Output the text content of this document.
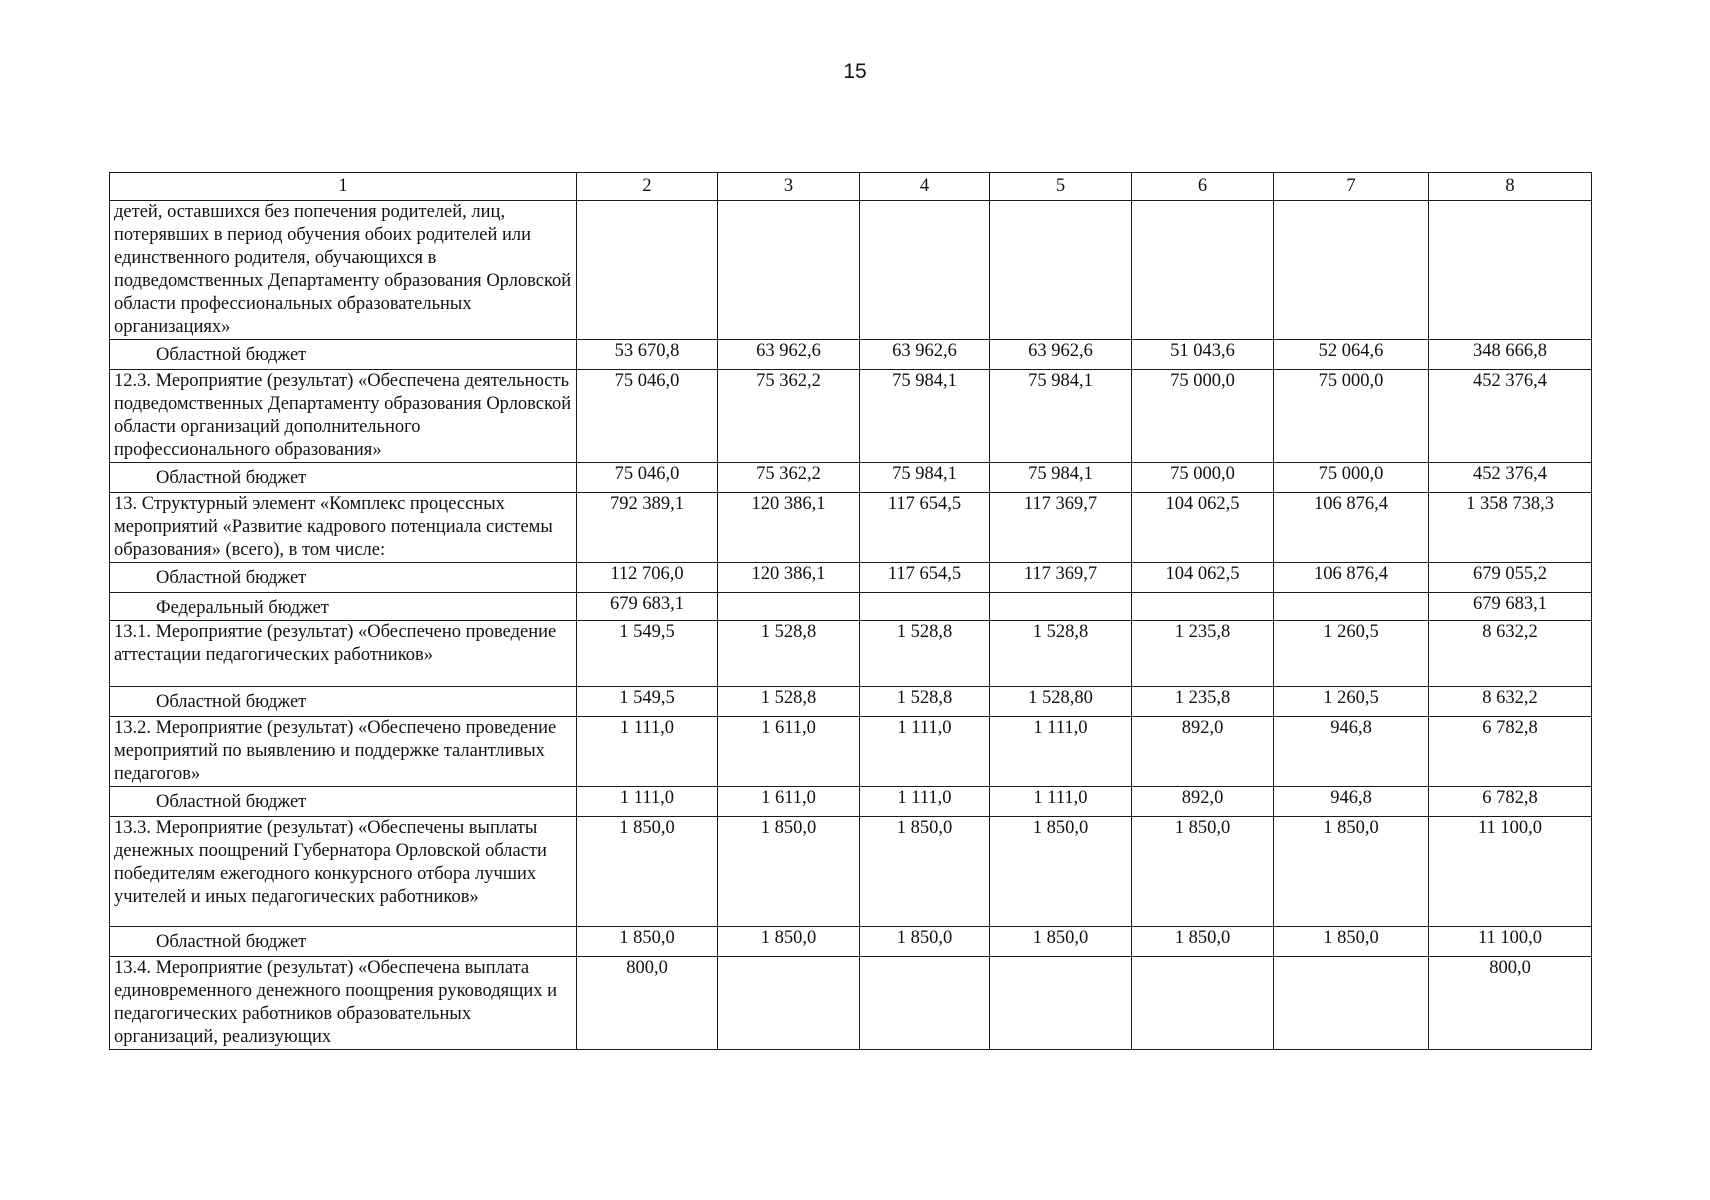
15
1	2	3	4	5	6	7	8
детей, оставшихся без попечения родителей, лиц, потерявших в период обучения обоих родителей или единственного родителя, обучающихся в подведомственных Департаменту образования Орловской области профессиональных образовательных организациях»							
Областной бюджет	53 670,8	63 962,6	63 962,6	63 962,6	51 043,6	52 064,6	348 666,8
12.3. Мероприятие (результат) «Обеспечена деятельность подведомственных Департаменту образования Орловской области организаций дополнительного профессионального образования»	75 046,0	75 362,2	75 984,1	75 984,1	75 000,0	75 000,0	452 376,4
Областной бюджет	75 046,0	75 362,2	75 984,1	75 984,1	75 000,0	75 000,0	452 376,4
13. Структурный элемент «Комплекс процессных мероприятий «Развитие кадрового потенциала системы образования» (всего), в том числе:	792 389,1	120 386,1	117 654,5	117 369,7	104 062,5	106 876,4	1 358 738,3
Областной бюджет	112 706,0	120 386,1	117 654,5	117 369,7	104 062,5	106 876,4	679 055,2
Федеральный бюджет	679 683,1						679 683,1
13.1. Мероприятие (результат) «Обеспечено проведение аттестации педагогических работников»	1 549,5	1 528,8	1 528,8	1 528,8	1 235,8	1 260,5	8 632,2
Областной бюджет	1 549,5	1 528,8	1 528,8	1 528,80	1 235,8	1 260,5	8 632,2
13.2. Мероприятие (результат) «Обеспечено проведение мероприятий по выявлению и поддержке талантливых педагогов»	1 111,0	1 611,0	1 111,0	1 111,0	892,0	946,8	6 782,8
Областной бюджет	1 111,0	1 611,0	1 111,0	1 111,0	892,0	946,8	6 782,8
13.3. Мероприятие (результат) «Обеспечены выплаты денежных поощрений Губернатора Орловской области победителям ежегодного конкурсного отбора лучших учителей и иных педагогических работников»	1 850,0	1 850,0	1 850,0	1 850,0	1 850,0	1 850,0	11 100,0
Областной бюджет	1 850,0	1 850,0	1 850,0	1 850,0	1 850,0	1 850,0	11 100,0
13.4. Мероприятие (результат) «Обеспечена выплата единовременного денежного поощрения руководящих и педагогических работников образовательных организаций, реализующих	800,0						800,0
